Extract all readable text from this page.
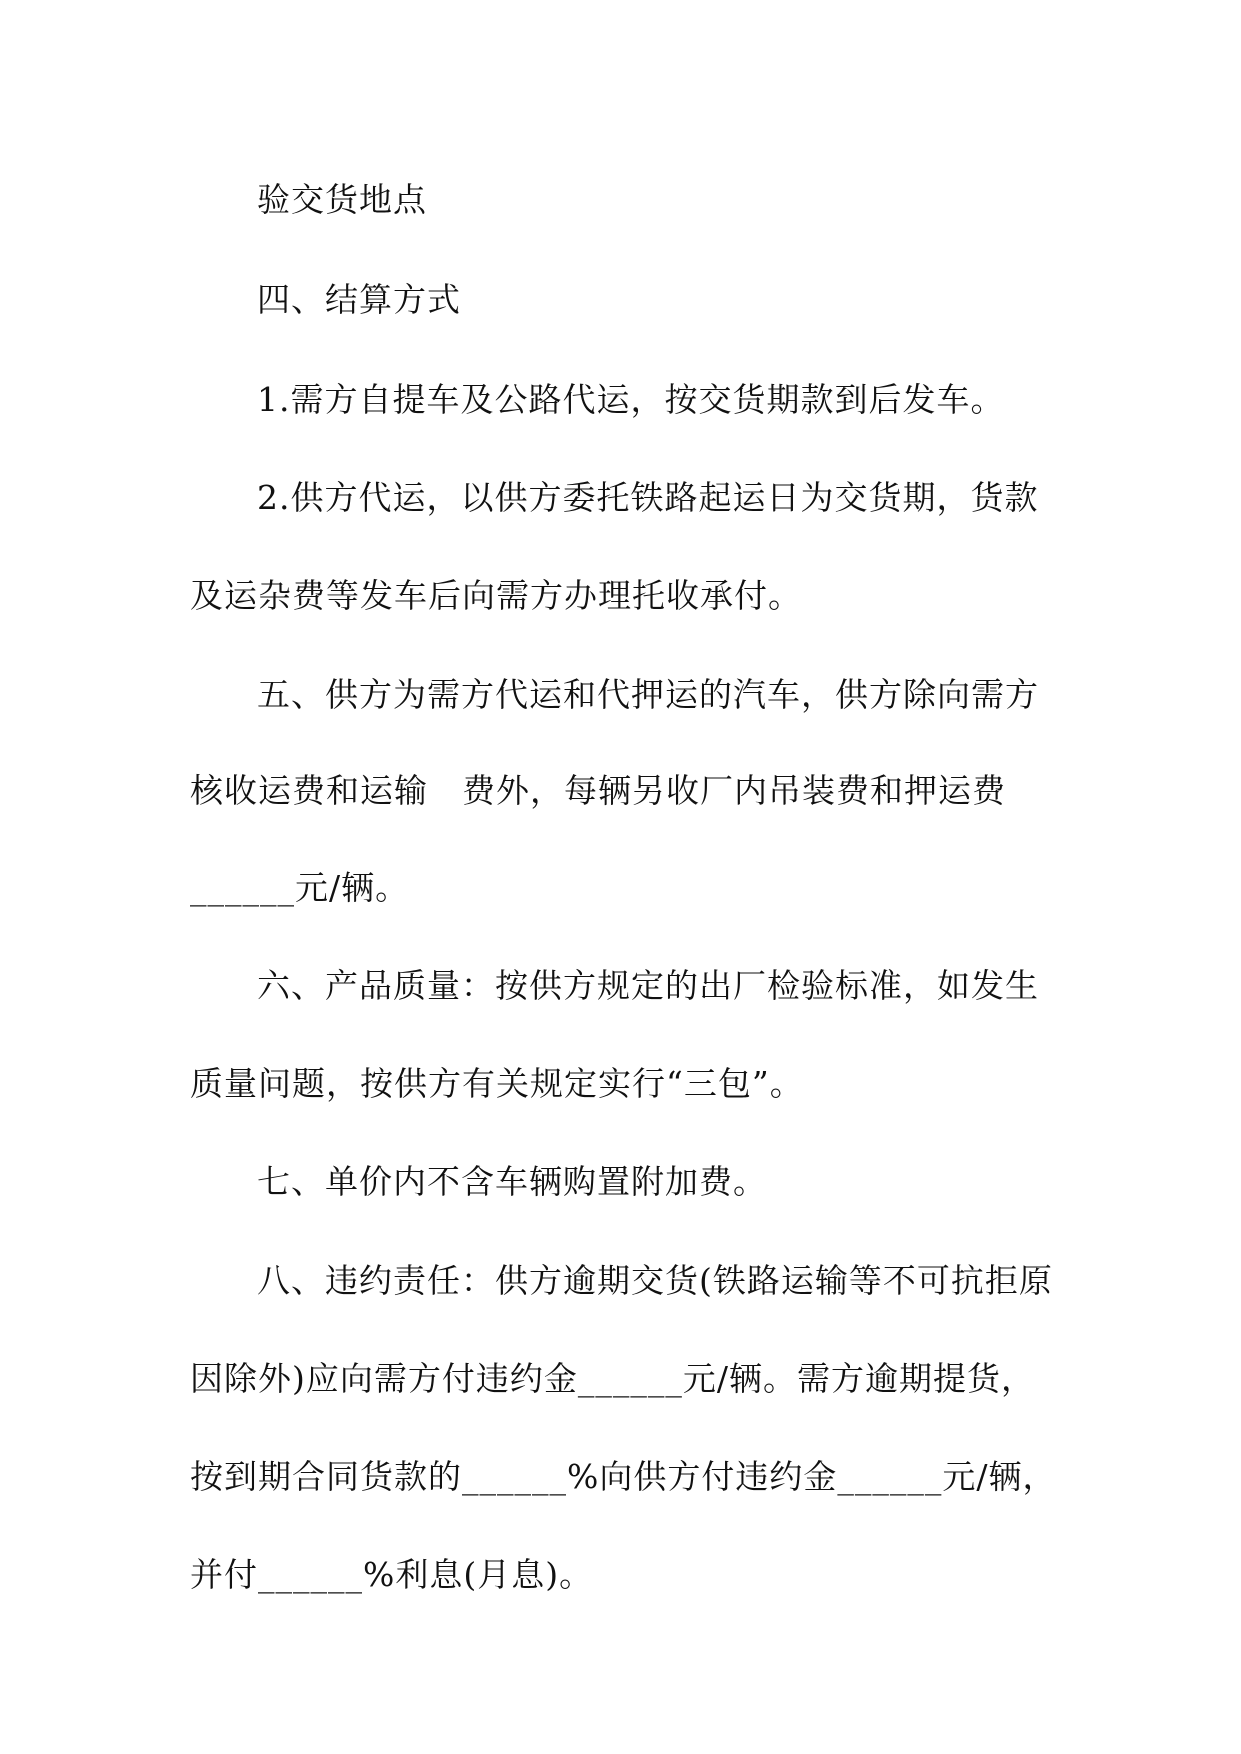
验交货地点
四、结算方式
1.需方自提车及公路代运，按交货期款到后发车。
2.供方代运，以供方委托铁路起运日为交货期，货款
及运杂费等发车后向需方办理托收承付。
五、供方为需方代运和代押运的汽车，供方除向需方
核收运费和运输　费外，每辆另收厂内吊装费和押运费
______元/辆。
六、产品质量：按供方规定的出厂检验标准，如发生
质量问题，按供方有关规定实行“三包”。
七、单价内不含车辆购置附加费。
八、违约责任：供方逾期交货(铁路运输等不可抗拒原
因除外)应向需方付违约金______元/辆。需方逾期提货，
按到期合同货款的______%向供方付违约金______元/辆，
并付______%利息(月息)。
